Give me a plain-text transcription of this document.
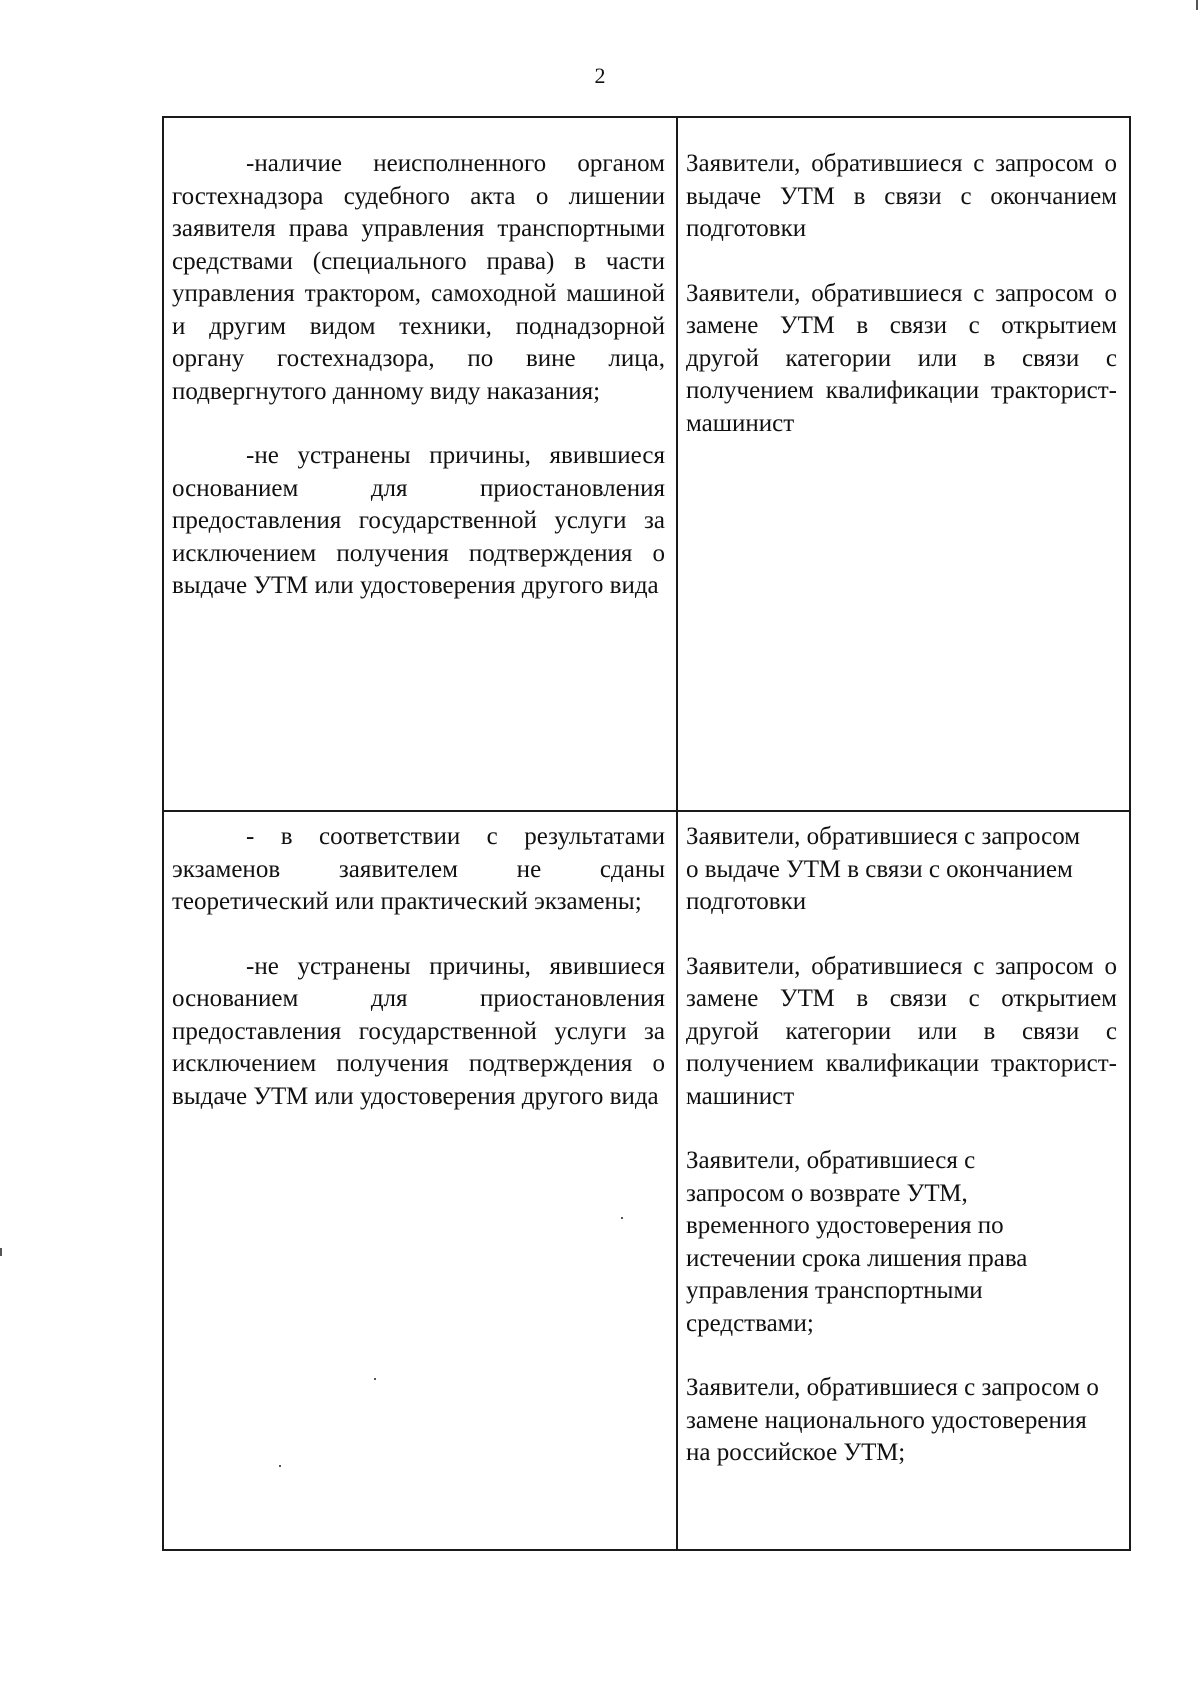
2

-наличие неисполненного органом гостехнадзора судебного акта о лишении заявителя права управления транспортными средствами (специального права) в части управления трактором, самоходной машиной и другим видом техники, поднадзорной органу гостехнадзора, по вине лица, подвергнутого данному виду наказания;

-не устранены причины, явившиеся основанием для приостановления предоставления государственной услуги за исключением получения подтверждения о выдаче УТМ или удостоверения другого вида

Заявители, обратившиеся с запросом о выдаче УТМ в связи с окончанием подготовки

Заявители, обратившиеся с запросом о замене УТМ в связи с открытием другой категории или в связи с получением квалификации тракторист-машинист

- в соответствии с результатами экзаменов заявителем не сданы теоретический или практический экзамены;

-не устранены причины, явившиеся основанием для приостановления предоставления государственной услуги за исключением получения подтверждения о выдаче УТМ или удостоверения другого вида

Заявители, обратившиеся с запросом о выдаче УТМ в связи с окончанием подготовки

Заявители, обратившиеся с запросом о замене УТМ в связи с открытием другой категории или в связи с получением квалификации тракторист-машинист

Заявители, обратившиеся с запросом о возврате УТМ, временного удостоверения по истечении срока лишения права управления транспортными средствами;

Заявители, обратившиеся с запросом о замене национального удостоверения на российское УТМ;
